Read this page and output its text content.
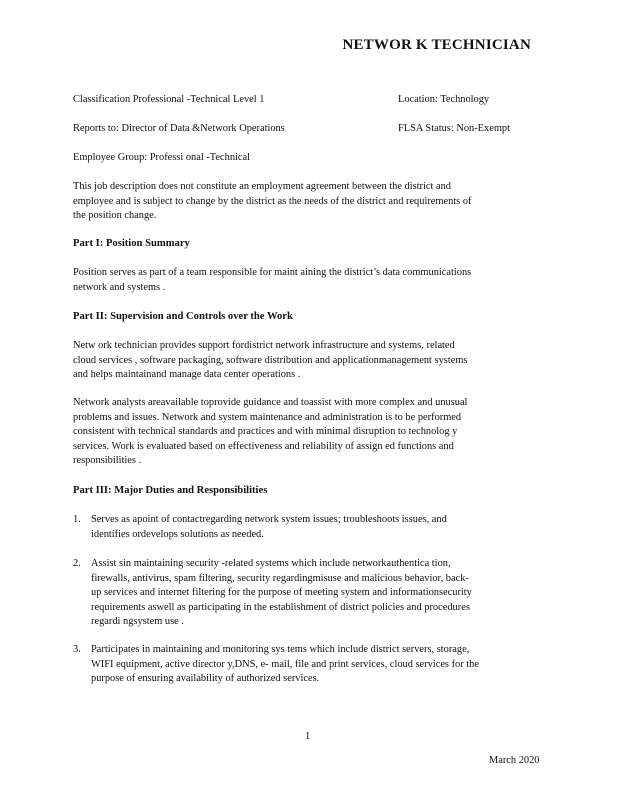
NETWOR K TECHNICIAN
Classification Professional -Technical Level 1	Location: Technology
Reports to: Director of Data &Network Operations	FLSA Status: Non-Exempt
Employee Group: Professi onal -Technical
This job description does not constitute an employment agreement between the district and
employee and is subject to change by the district as the needs of the district and requirements of
the position change.
Part I: Position Summary
Position serves as part of a team responsible for maint aining the district’s data communications
network and systems .
Part II: Supervision and Controls over the Work
Netw ork technician provides support fordistrict network infrastructure and systems, related
cloud services , software packaging, software distribution and applicationmanagement systems
and helps maintainand manage data center operations .
Network analysts areavailable toprovide guidance and toassist with more complex and unusual
problems and issues. Network and system maintenance and administration is to be performed
consistent with technical standards and practices and with minimal disruption to technolog y
services. Work is evaluated based on effectiveness and reliability of assign ed functions and
responsibilities .
Part III: Major Duties and Responsibilities
1. Serves as apoint of contactregarding network system issues; troubleshoots issues, and
identifies ordevelops solutions as needed.
2. Assist sin maintaining security -related systems which include networkauthentica tion,
firewalls, antivirus, spam filtering, security regardingmisuse and malicious behavior, back-
up services and internet filtering for the purpose of meeting system and informationsecurity
requirements aswell as participating in the establishment of district policies and procedures
regardi ngsystem use .
3. Participates in maintaining and monitoring sys tems which include district servers, storage,
WIFI equipment, active director y,DNS, e- mail, file and print services, cloud services for the
purpose of ensuring availability of authorized services.
1
March 2020
